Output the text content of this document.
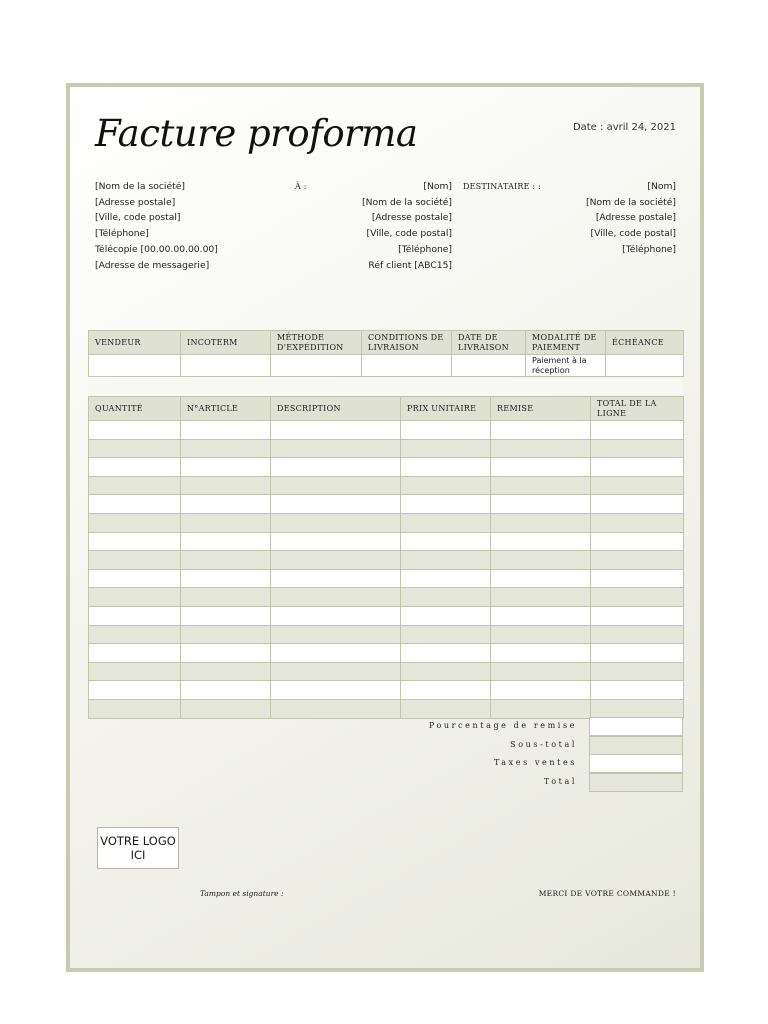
Facture proforma	Date : avril 24, 2021
[Nom de la société]
[Adresse postale]
[Ville, code postal]
[Téléphone]
Télécopie [00.00.00.00.00]
[Adresse de messagerie]
À :	[Nom]
[Nom de la société]
[Adresse postale]
[Ville, code postal]
[Téléphone]
Réf client [ABC15]
DESTINATAIRE : :	[Nom]
[Nom de la société]
[Adresse postale]
[Ville, code postal]
[Téléphone]
VENDEUR	INCOTERM	MÉTHODE D'EXPÉDITION	CONDITIONS DE LIVRAISON	DATE DE LIVRAISON	MODALITÉ DE PAIEMENT	ÉCHÉANCE
					Paiement à la réception	
QUANTITÉ	N°ARTICLE	DESCRIPTION	PRIX UNITAIRE	REMISE	TOTAL DE LA LIGNE

Pourcentage de remise
Sous-total
Taxes ventes
Total
VOTRE LOGO ICI
Tampon et signature :	MERCI DE VOTRE COMMANDE !
